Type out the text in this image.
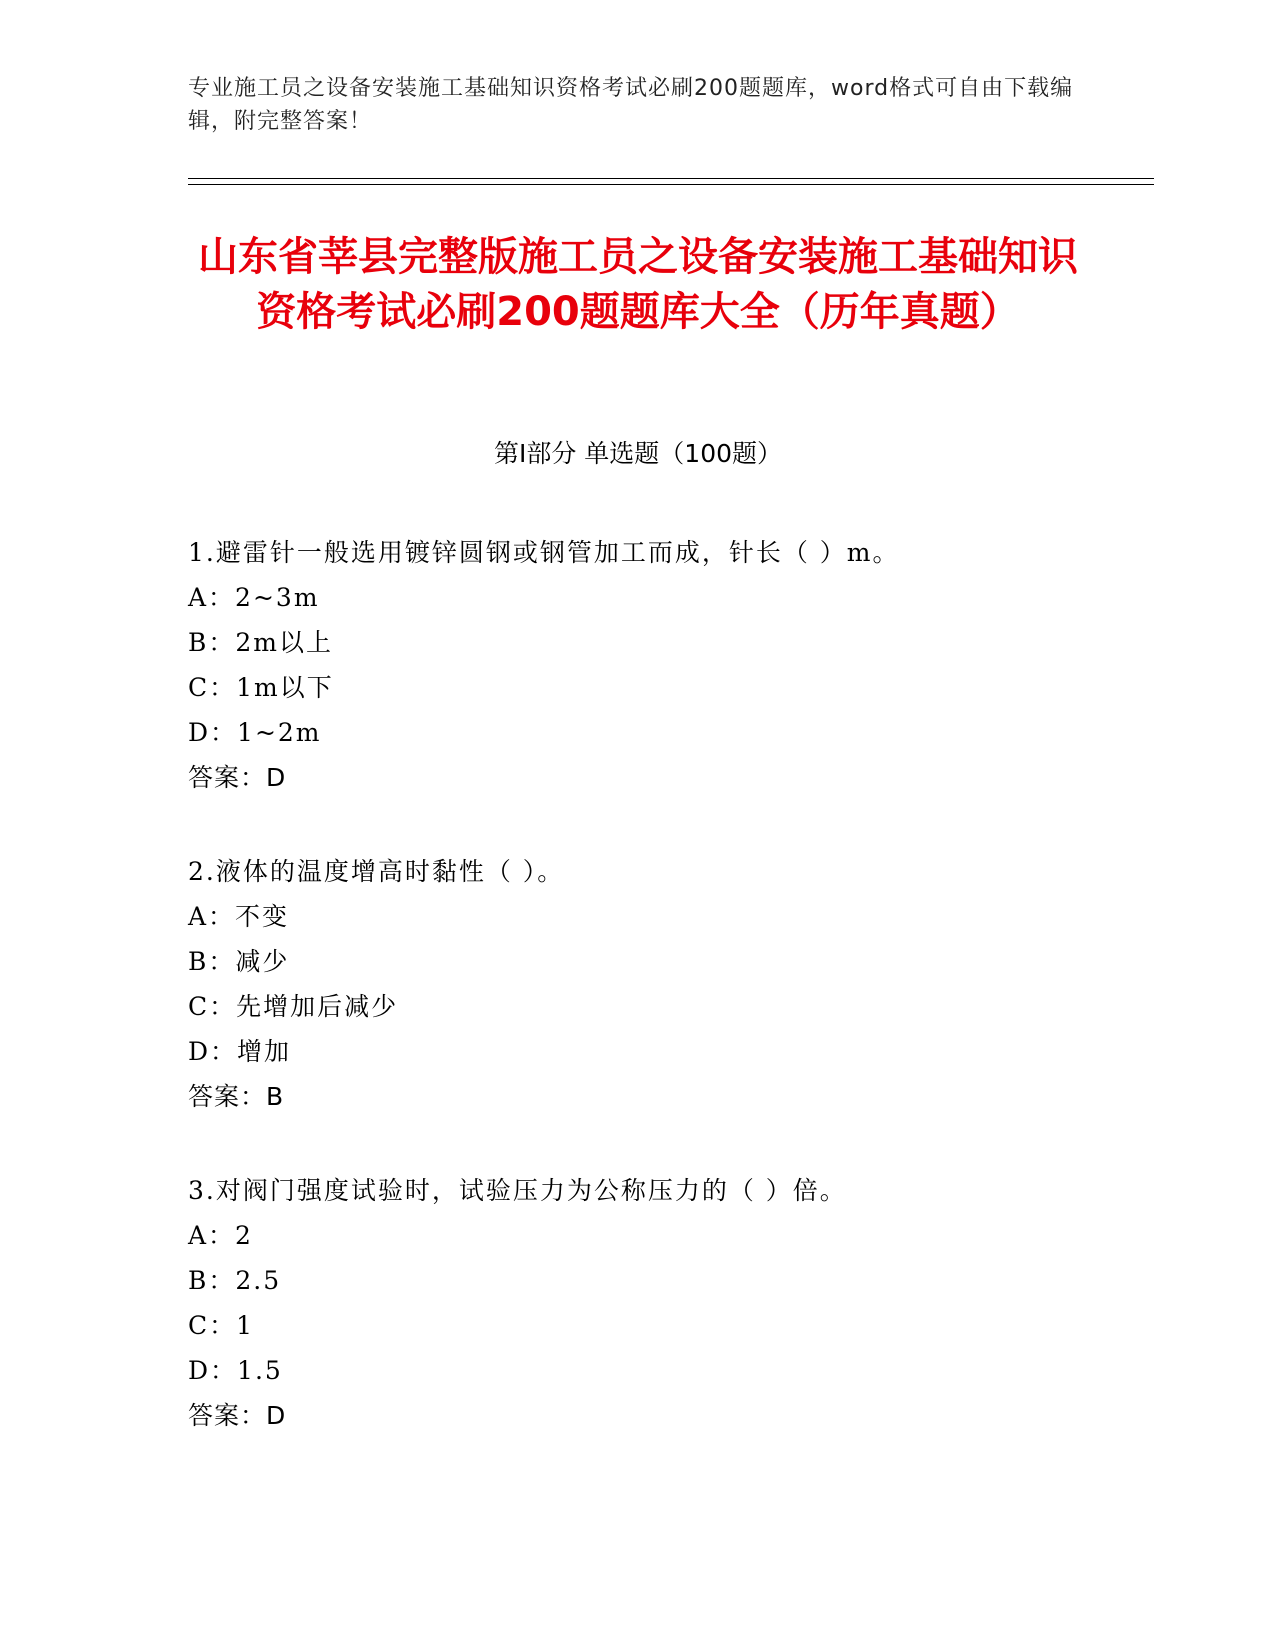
专业施工员之设备安装施工基础知识资格考试必刷200题题库，word格式可自由下载编辑，附完整答案！
山东省莘县完整版施工员之设备安装施工基础知识资格考试必刷200题题库大全（历年真题）
第I部分 单选题（100题）
1.避雷针一般选用镀锌圆钢或钢管加工而成，针长（ ）m。
A：2~3m
B：2m以上
C：1m以下
D：1~2m
答案：D
2.液体的温度增高时黏性（ ）。
A：不变
B：减少
C：先增加后减少
D：增加
答案：B
3.对阀门强度试验时，试验压力为公称压力的（ ）倍。
A：2
B：2.5
C：1
D：1.5
答案：D
